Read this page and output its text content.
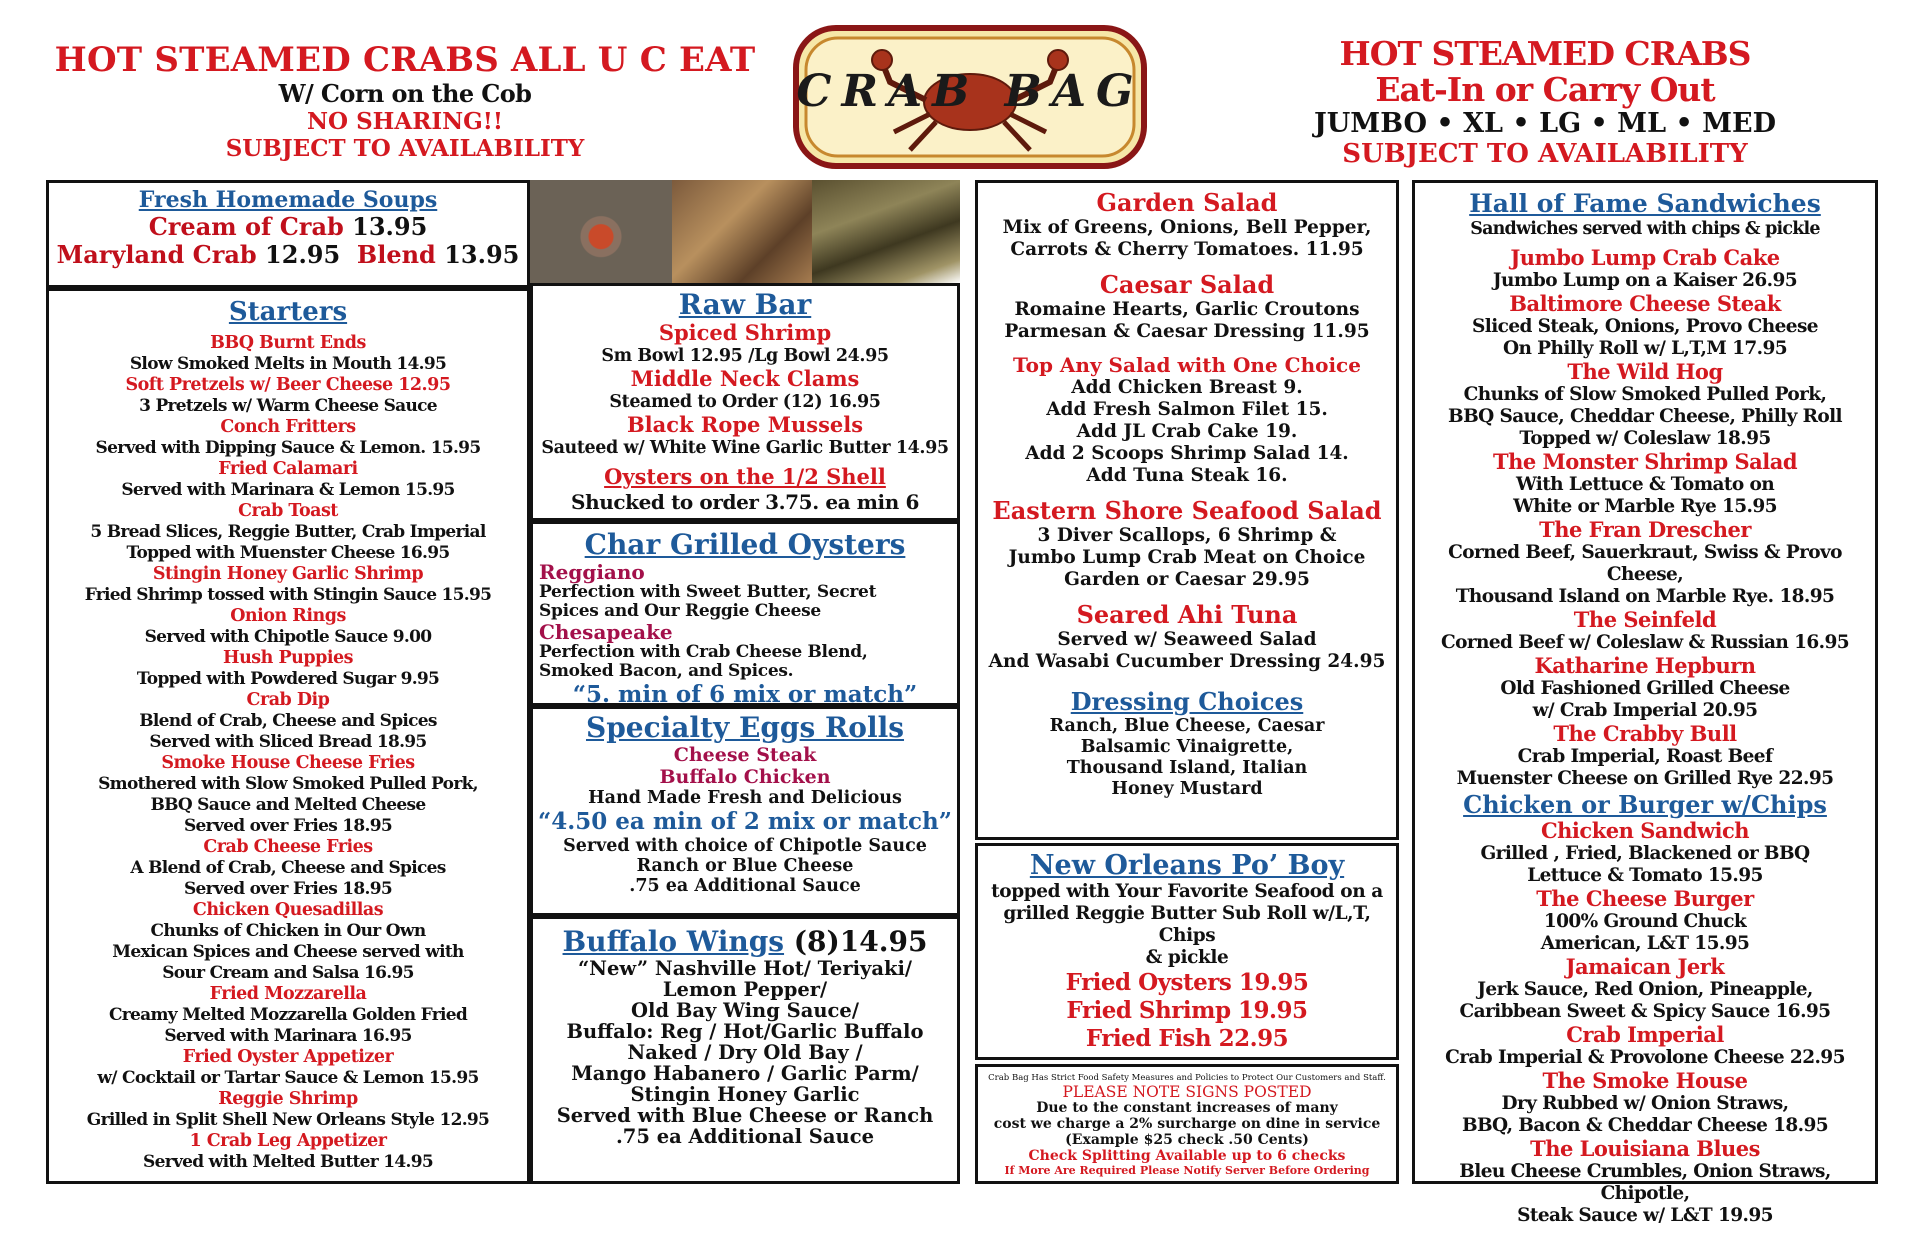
HOT STEAMED CRABS ALL U C EAT
W/ Corn on the Cob
NO SHARING!!
SUBJECT TO AVAILABILITY
CRAB BAG
HOT STEAMED CRABS
Eat-In or Carry Out
JUMBO • XL • LG • ML • MED
SUBJECT TO AVAILABILITY
Fresh Homemade Soups
Cream of Crab 13.95
Maryland Crab 12.95 Blend 13.95
Starters
BBQ Burnt Ends
Slow Smoked Melts in Mouth 14.95
Soft Pretzels w/ Beer Cheese 12.95
3 Pretzels w/ Warm Cheese Sauce
Conch Fritters
Served with Dipping Sauce & Lemon. 15.95
Fried Calamari
Served with Marinara & Lemon 15.95
Crab Toast
5 Bread Slices, Reggie Butter, Crab Imperial
Topped with Muenster Cheese 16.95
Stingin Honey Garlic Shrimp
Fried Shrimp tossed with Stingin Sauce 15.95
Onion Rings
Served with Chipotle Sauce 9.00
Hush Puppies
Topped with Powdered Sugar 9.95
Crab Dip
Blend of Crab, Cheese and Spices
Served with Sliced Bread 18.95
Smoke House Cheese Fries
Smothered with Slow Smoked Pulled Pork,
BBQ Sauce and Melted Cheese
Served over Fries 18.95
Crab Cheese Fries
A Blend of Crab, Cheese and Spices
Served over Fries 18.95
Chicken Quesadillas
Chunks of Chicken in Our Own
Mexican Spices and Cheese served with
Sour Cream and Salsa 16.95
Fried Mozzarella
Creamy Melted Mozzarella Golden Fried
Served with Marinara 16.95
Fried Oyster Appetizer
w/ Cocktail or Tartar Sauce & Lemon 15.95
Reggie Shrimp
Grilled in Split Shell New Orleans Style 12.95
1 Crab Leg Appetizer
Served with Melted Butter 14.95
Raw Bar
Spiced Shrimp
Sm Bowl 12.95 /Lg Bowl 24.95
Middle Neck Clams
Steamed to Order (12) 16.95
Black Rope Mussels
Sauteed w/ White Wine Garlic Butter 14.95
Oysters on the 1/2 Shell
Shucked to order 3.75. ea min 6
Char Grilled Oysters
Reggiano
Perfection with Sweet Butter, Secret
Spices and Our Reggie Cheese
Chesapeake
Perfection with Crab Cheese Blend,
Smoked Bacon, and Spices.
“5. min of 6 mix or match”
Specialty Eggs Rolls
Cheese Steak
Buffalo Chicken
Hand Made Fresh and Delicious
“4.50 ea min of 2 mix or match”
Served with choice of Chipotle Sauce
Ranch or Blue Cheese
.75 ea Additional Sauce
Buffalo Wings (8)14.95
“New” Nashville Hot/ Teriyaki/
Lemon Pepper/
Old Bay Wing Sauce/
Buffalo: Reg / Hot/Garlic Buffalo
Naked / Dry Old Bay /
Mango Habanero / Garlic Parm/
Stingin Honey Garlic
Served with Blue Cheese or Ranch
.75 ea Additional Sauce
Garden Salad
Mix of Greens, Onions, Bell Pepper,
Carrots & Cherry Tomatoes. 11.95
Caesar Salad
Romaine Hearts, Garlic Croutons
Parmesan & Caesar Dressing 11.95
Top Any Salad with One Choice
Add Chicken Breast 9.
Add Fresh Salmon Filet 15.
Add JL Crab Cake 19.
Add 2 Scoops Shrimp Salad 14.
Add Tuna Steak 16.
Eastern Shore Seafood Salad
3 Diver Scallops, 6 Shrimp &
Jumbo Lump Crab Meat on Choice
Garden or Caesar 29.95
Seared Ahi Tuna
Served w/ Seaweed Salad
And Wasabi Cucumber Dressing 24.95
Dressing Choices
Ranch, Blue Cheese, Caesar
Balsamic Vinaigrette,
Thousand Island, Italian
Honey Mustard
New Orleans Po’ Boy
topped with Your Favorite Seafood on a
grilled Reggie Butter Sub Roll w/L,T, Chips
& pickle
Fried Oysters 19.95
Fried Shrimp 19.95
Fried Fish 22.95
Crab Bag Has Strict Food Safety Measures and Policies to Protect Our Customers and Staff.
PLEASE NOTE SIGNS POSTED
Due to the constant increases of many
cost we charge a 2% surcharge on dine in service
(Example $25 check .50 Cents)
Check Splitting Available up to 6 checks
If More Are Required Please Notify Server Before Ordering
Hall of Fame Sandwiches
Sandwiches served with chips & pickle
Jumbo Lump Crab Cake
Jumbo Lump on a Kaiser 26.95
Baltimore Cheese Steak
Sliced Steak, Onions, Provo Cheese
On Philly Roll w/ L,T,M 17.95
The Wild Hog
Chunks of Slow Smoked Pulled Pork,
BBQ Sauce, Cheddar Cheese, Philly Roll
Topped w/ Coleslaw 18.95
The Monster Shrimp Salad
With Lettuce & Tomato on
White or Marble Rye 15.95
The Fran Drescher
Corned Beef, Sauerkraut, Swiss & Provo Cheese,
Thousand Island on Marble Rye. 18.95
The Seinfeld
Corned Beef w/ Coleslaw & Russian 16.95
Katharine Hepburn
Old Fashioned Grilled Cheese
w/ Crab Imperial 20.95
The Crabby Bull
Crab Imperial, Roast Beef
Muenster Cheese on Grilled Rye 22.95
Chicken or Burger w/Chips
Chicken Sandwich
Grilled , Fried, Blackened or BBQ
Lettuce & Tomato 15.95
The Cheese Burger
100% Ground Chuck
American, L&T 15.95
Jamaican Jerk
Jerk Sauce, Red Onion, Pineapple,
Caribbean Sweet & Spicy Sauce 16.95
Crab Imperial
Crab Imperial & Provolone Cheese 22.95
The Smoke House
Dry Rubbed w/ Onion Straws,
BBQ, Bacon & Cheddar Cheese 18.95
The Louisiana Blues
Bleu Cheese Crumbles, Onion Straws, Chipotle,
Steak Sauce w/ L&T 19.95
